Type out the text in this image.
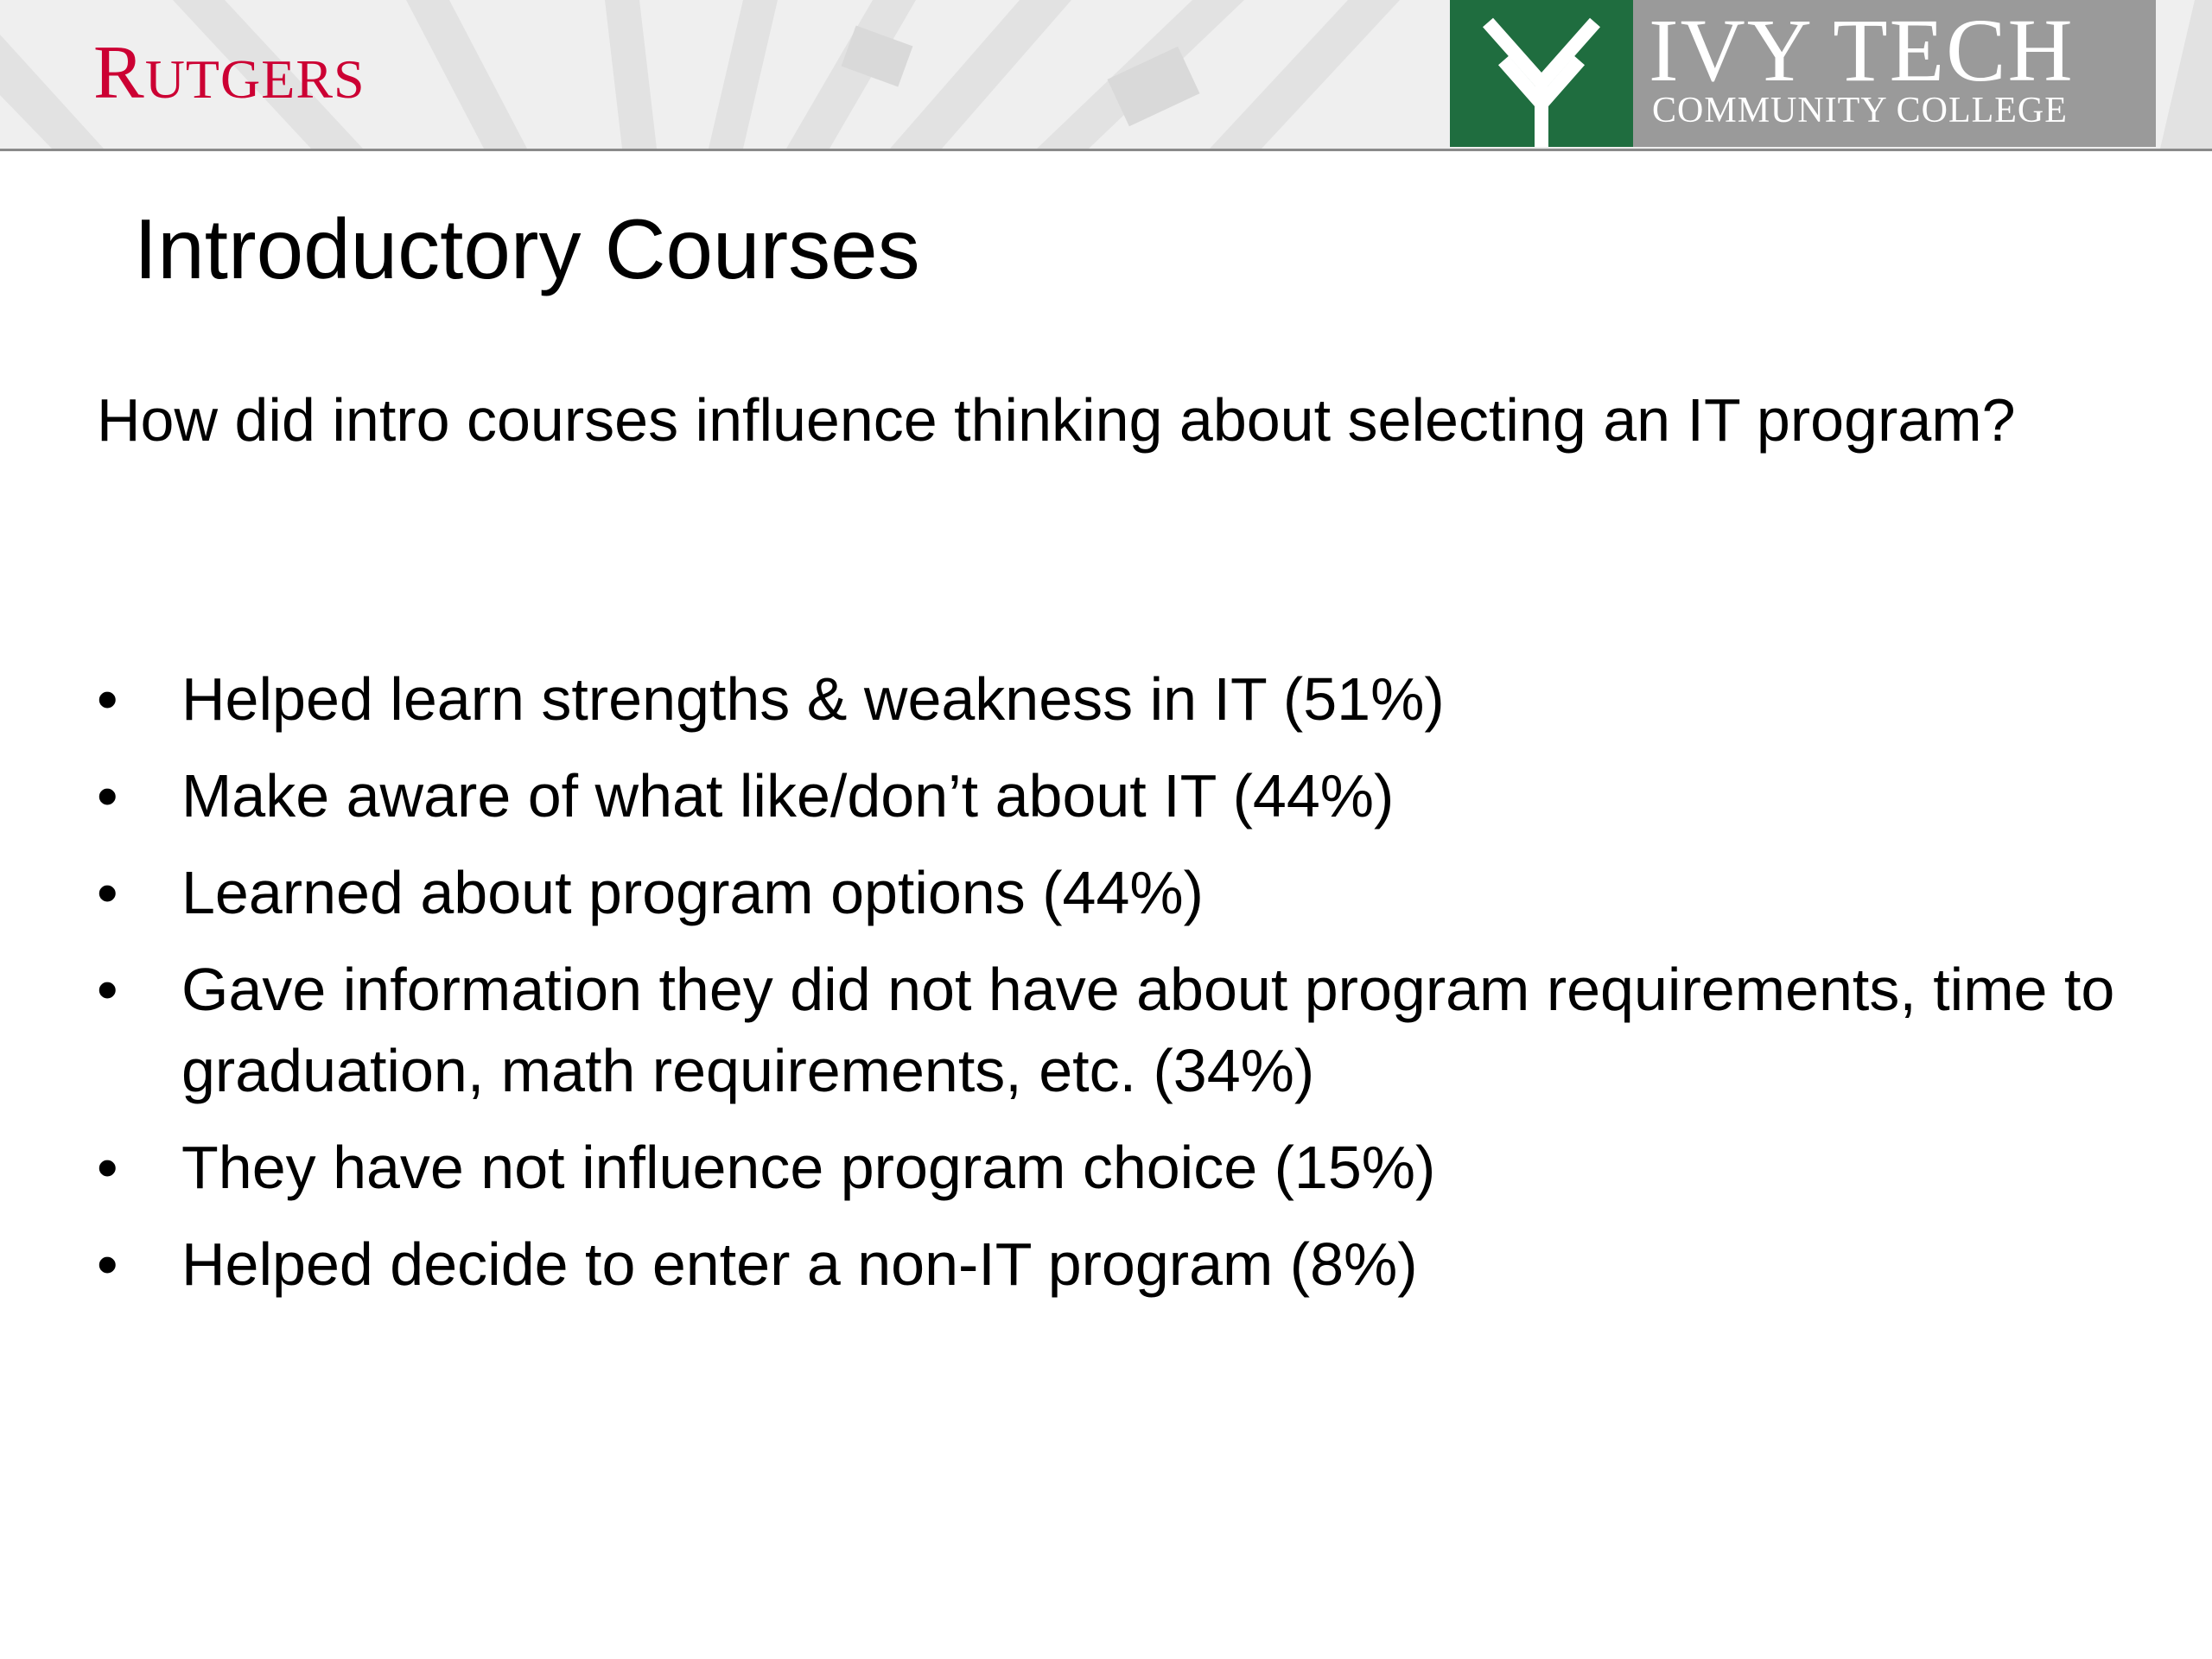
RUTGERS	IVY TECH
COMMUNITY COLLEGE
Introductory Courses

How did intro courses influence thinking about selecting an IT program?

• Helped learn strengths & weakness in IT (51%)
• Make aware of what like/don’t about IT (44%)
• Learned about program options (44%)
• Gave information they did not have about program requirements, time to graduation, math requirements, etc. (34%)
• They have not influence program choice (15%)
• Helped decide to enter a non-IT program (8%)
